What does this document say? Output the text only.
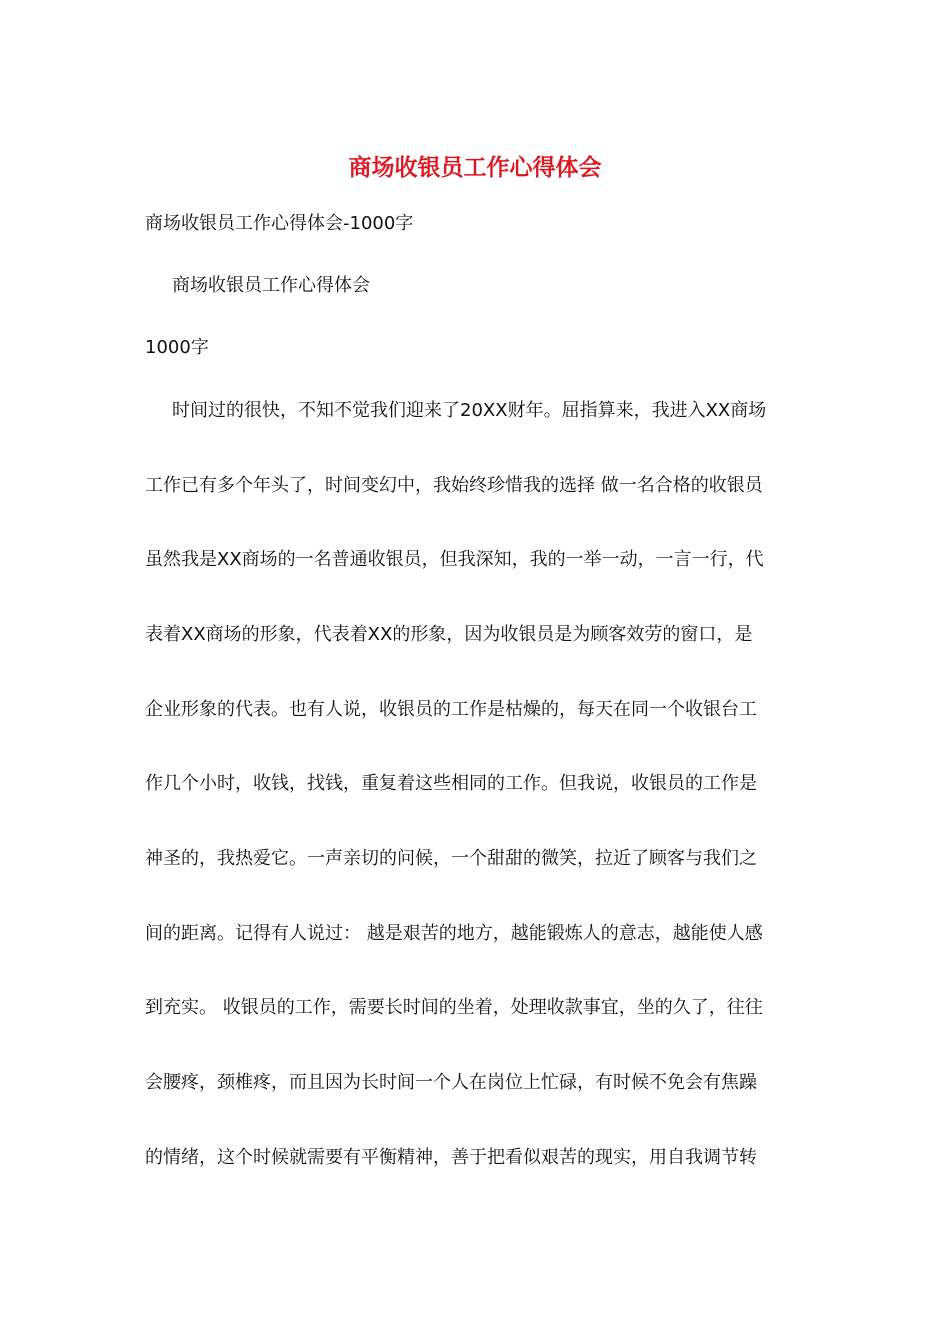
商场收银员工作心得体会
商场收银员工作心得体会-1000字
商场收银员工作心得体会
1000字
时间过的很快，不知不觉我们迎来了20XX财年。屈指算来，我进入XX商场
工作已有多个年头了，时间变幻中，我始终珍惜我的选择 做一名合格的收银员
虽然我是XX商场的一名普通收银员，但我深知，我的一举一动，一言一行，代
表着XX商场的形象，代表着XX的形象，因为收银员是为顾客效劳的窗口，是
企业形象的代表。也有人说，收银员的工作是枯燥的，每天在同一个收银台工
作几个小时，收钱，找钱，重复着这些相同的工作。但我说，收银员的工作是
神圣的，我热爱它。一声亲切的问候，一个甜甜的微笑，拉近了顾客与我们之
间的距离。记得有人说过： 越是艰苦的地方，越能锻炼人的意志，越能使人感
到充实。 收银员的工作，需要长时间的坐着，处理收款事宜，坐的久了，往往
会腰疼，颈椎疼，而且因为长时间一个人在岗位上忙碌，有时候不免会有焦躁
的情绪，这个时候就需要有平衡精神，善于把看似艰苦的现实，用自我调节转
